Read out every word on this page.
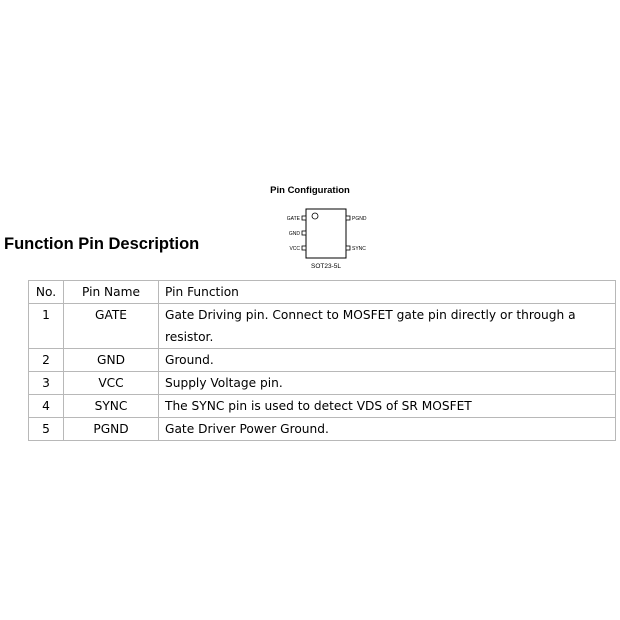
Pin Configuration
GATE
GND
VCC
PGND
SYNC
SOT23-5L
Function Pin Description
No.	Pin Name	Pin Function
1	GATE	Gate Driving pin. Connect to MOSFET gate pin directly or through a resistor.
2	GND	Ground.
3	VCC	Supply Voltage pin.
4	SYNC	The SYNC pin is used to detect VDS of SR MOSFET
5	PGND	Gate Driver Power Ground.
